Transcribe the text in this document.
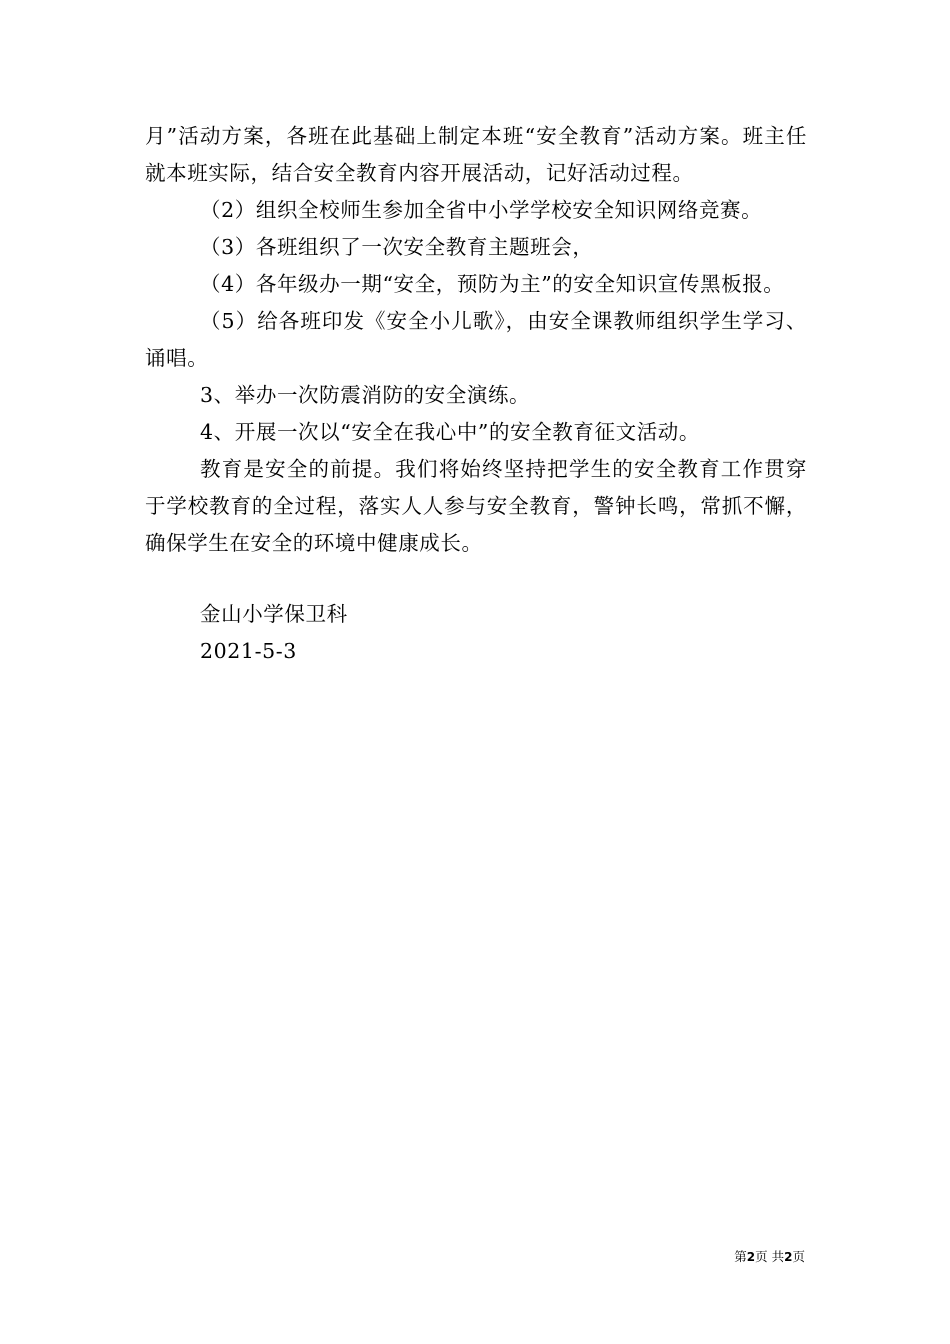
月”活动方案，各班在此基础上制定本班“安全教育”活动方案。班主任就本班实际，结合安全教育内容开展活动，记好活动过程。

（2）组织全校师生参加全省中小学学校安全知识网络竞赛。

（3）各班组织了一次安全教育主题班会，

（4）各年级办一期“安全，预防为主”的安全知识宣传黑板报。

（5）给各班印发《安全小儿歌》，由安全课教师组织学生学习、诵唱。

3、举办一次防震消防的安全演练。

4、开展一次以“安全在我心中”的安全教育征文活动。

教育是安全的前提。我们将始终坚持把学生的安全教育工作贯穿于学校教育的全过程，落实人人参与安全教育，警钟长鸣，常抓不懈，确保学生在安全的环境中健康成长。

金山小学保卫科
2021-5-3
第2页 共2页
